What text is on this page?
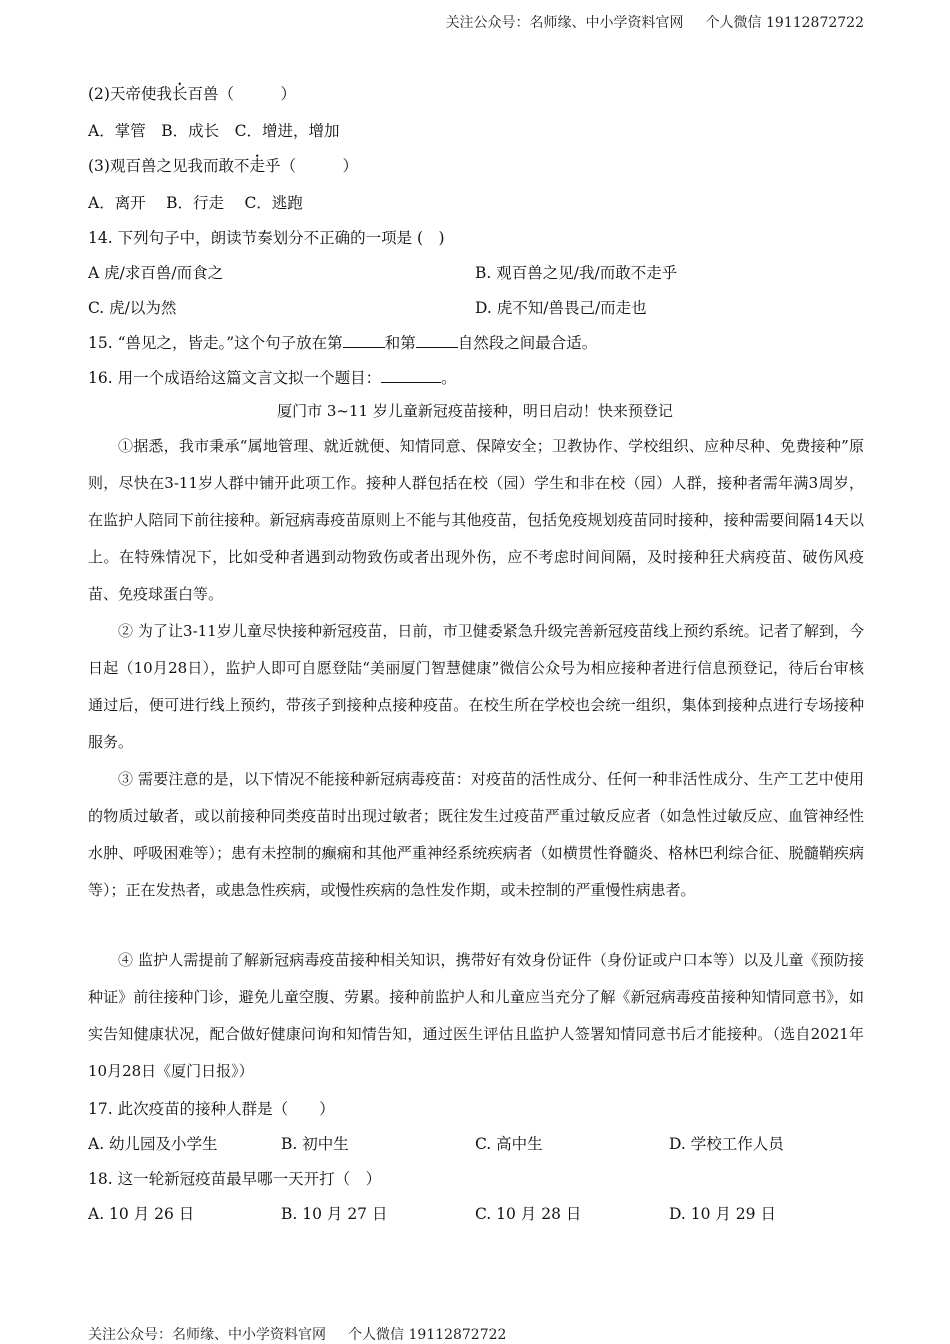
关注公众号：名师缘、中小学资料官网 个人微信 19112872722
(2)天帝使我长百兽（　　　）
A．掌管　B．成长　C．增进，增加
(3)观百兽之见我而敢不走乎（　　　）
A．离开　 B．行走　 C．逃跑
14. 下列句子中，朗读节奏划分不正确的一项是 (　)
A 虎/求百兽/而食之	B. 观百兽之见/我/而敢不走乎
C. 虎/以为然	D. 虎不知/兽畏己/而走也
15. “兽见之，皆走。”这个句子放在第	和第	自然段之间最合适。
16. 用一个成语给这篇文言文拟一个题目：	。
厦门市 3~11 岁儿童新冠疫苗接种，明日启动！快来预登记
①据悉，我市秉承“属地管理、就近就便、知情同意、保障安全；卫教协作、学校组织、应种尽种、免费接种”原则，尽快在3-11岁人群中铺开此项工作。接种人群包括在校（园）学生和非在校（园）人群，接种者需年满3周岁，在监护人陪同下前往接种。新冠病毒疫苗原则上不能与其他疫苗，包括免疫规划疫苗同时接种，接种需要间隔14天以上。在特殊情况下，比如受种者遇到动物致伤或者出现外伤，应不考虑时间间隔，及时接种狂犬病疫苗、破伤风疫苗、免疫球蛋白等。
② 为了让3-11岁儿童尽快接种新冠疫苗，日前，市卫健委紧急升级完善新冠疫苗线上预约系统。记者了解到，今日起（10月28日），监护人即可自愿登陆“美丽厦门智慧健康”微信公众号为相应接种者进行信息预登记，待后台审核通过后，便可进行线上预约，带孩子到接种点接种疫苗。在校生所在学校也会统一组织，集体到接种点进行专场接种服务。
③ 需要注意的是，以下情况不能接种新冠病毒疫苗：对疫苗的活性成分、任何一种非活性成分、生产工艺中使用的物质过敏者，或以前接种同类疫苗时出现过敏者；既往发生过疫苗严重过敏反应者（如急性过敏反应、血管神经性水肿、呼吸困难等）；患有未控制的癫痫和其他严重神经系统疾病者（如横贯性脊髓炎、格林巴利综合征、脱髓鞘疾病等）；正在发热者，或患急性疾病，或慢性疾病的急性发作期，或未控制的严重慢性病患者。
④ 监护人需提前了解新冠病毒疫苗接种相关知识，携带好有效身份证件（身份证或户口本等）以及儿童《预防接种证》前往接种门诊，避免儿童空腹、劳累。接种前监护人和儿童应当充分了解《新冠病毒疫苗接种知情同意书》，如实告知健康状况，配合做好健康问询和知情告知，通过医生评估且监护人签署知情同意书后才能接种。（选自2021年10月28日《厦门日报》）
17. 此次疫苗的接种人群是（　　）
A. 幼儿园及小学生	B. 初中生	C. 高中生	D. 学校工作人员
18. 这一轮新冠疫苗最早哪一天开打（　）
A. 10 月 26 日	B. 10 月 27 日	C. 10 月 28 日	D. 10 月 29 日
关注公众号：名师缘、中小学资料官网 个人微信 19112872722
